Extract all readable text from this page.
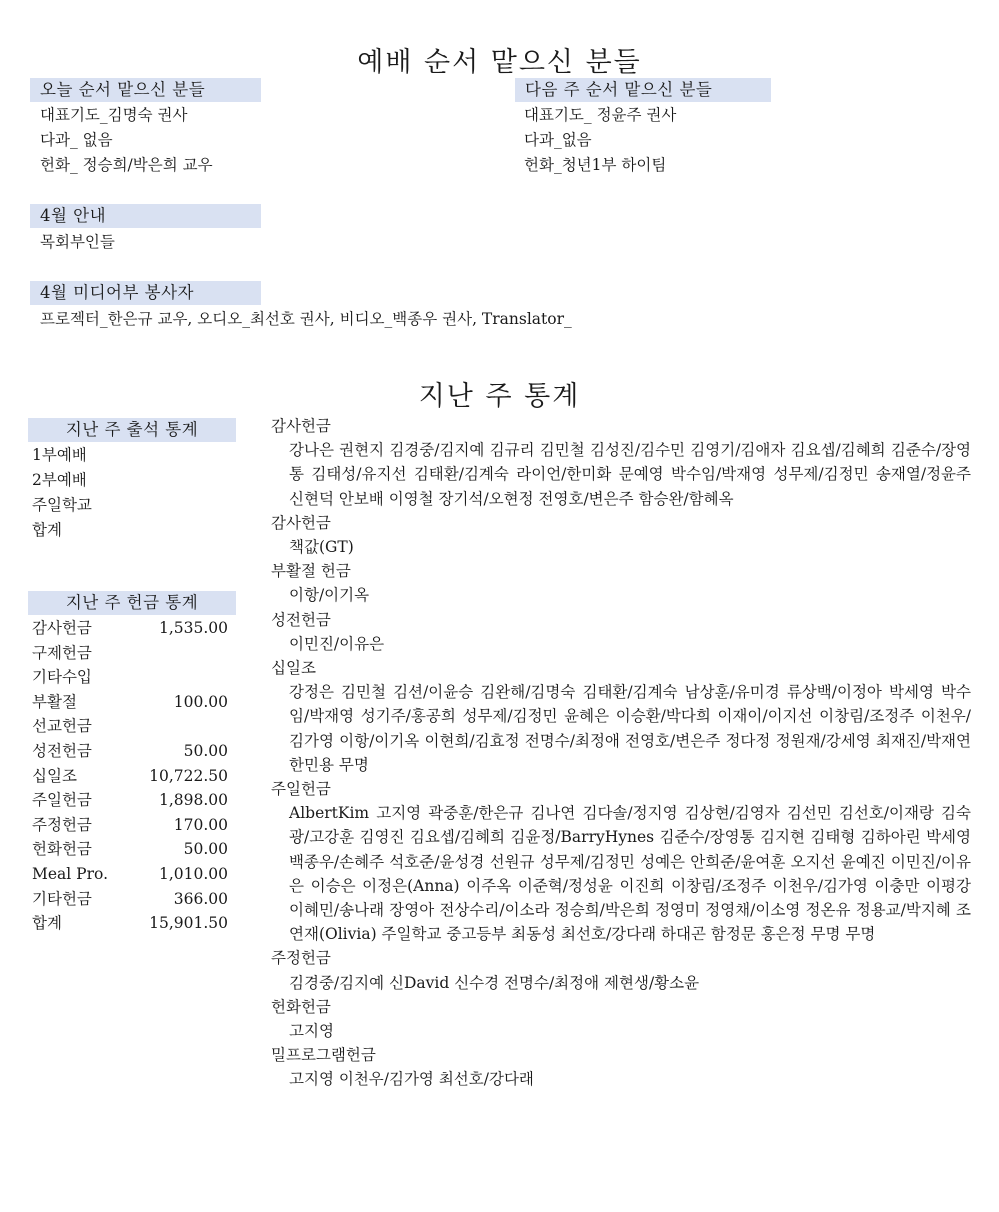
예배 순서 맡으신 분들
오늘 순서 맡으신 분들
대표기도_김명숙 권사
다과_ 없음
헌화_ 정승희/박은희 교우
다음 주 순서 맡으신 분들
대표기도_ 정윤주 권사
다과_없음
헌화_청년1부 하이팀
4월 안내
목회부인들
4월 미디어부 봉사자
프로젝터_한은규 교우, 오디오_최선호 권사, 비디오_백종우 권사, Translator_
지난 주 통계
지난 주 출석 통계
1부예배
2부예배
주일학교
합계
지난 주 헌금 통계
감사헌금	1,535.00
구제헌금
기타수입
부활절	100.00
선교헌금
성전헌금	50.00
십일조	10,722.50
주일헌금	1,898.00
주정헌금	170.00
헌화헌금	50.00
Meal Pro.	1,010.00
기타헌금	366.00
합계	15,901.50
감사헌금
강나은 권현지 김경중/김지예 김규리 김민철 김성진/김수민 김영기/김애자 김요셉/김혜희 김준수/장영통 김태성/유지선 김태환/김계숙 라이언/한미화 문예영 박수임/박재영 성무제/김정민 송재열/정윤주 신현덕 안보배 이영철 장기석/오현정 전영호/변은주 함승완/함혜옥
감사헌금
책값(GT)
부활절 헌금
이항/이기옥
성전헌금
이민진/이유은
십일조
강정은 김민철 김션/이윤승 김완해/김명숙 김태환/김계숙 남상훈/유미경 류상백/이정아 박세영 박수임/박재영 성기주/홍공희 성무제/김정민 윤혜은 이승환/박다희 이재이/이지선 이창림/조정주 이천우/김가영 이항/이기옥 이현희/김효정 전명수/최정애 전영호/변은주 정다정 정원재/강세영 최재진/박재연 한민용 무명
주일헌금
AlbertKim 고지영 곽중훈/한은규 김나연 김다솔/정지영 김상현/김영자 김선민 김선호/이재랑 김숙광/고강훈 김영진 김요셉/김혜희 김윤정/BarryHynes 김준수/장영통 김지현 김태형 김하아린 박세영 백종우/손혜주 석호준/윤성경 선원규 성무제/김정민 성예은 안희준/윤여훈 오지선 윤예진 이민진/이유은 이승은 이정은(Anna) 이주옥 이준혁/정성윤 이진희 이창림/조정주 이천우/김가영 이충만 이평강 이혜민/송나래 장영아 전상수리/이소라 정승희/박은희 정영미 정영채/이소영 정온유 정용교/박지혜 조연재(Olivia) 주일학교 중고등부 최동성 최선호/강다래 하대곤 함정문 홍은정 무명 무명
주정헌금
김경중/김지예 신David 신수경 전명수/최정애 제현생/황소윤
헌화헌금
고지영
밀프로그램헌금
고지영 이천우/김가영 최선호/강다래
